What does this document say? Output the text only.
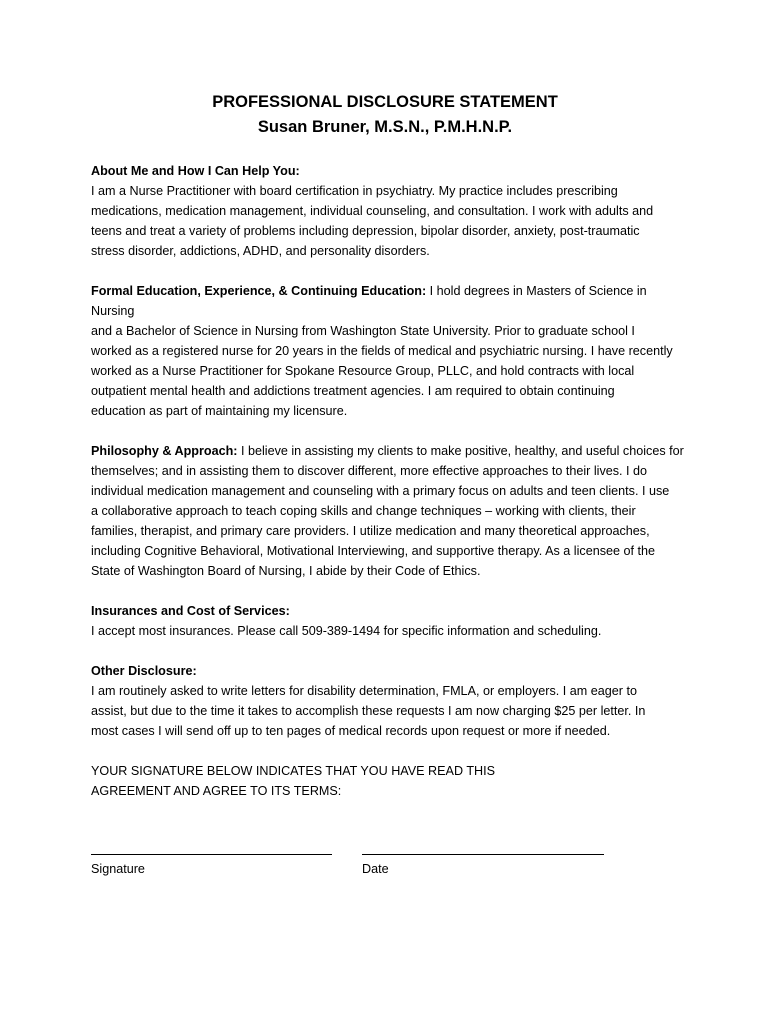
PROFESSIONAL DISCLOSURE STATEMENT
Susan Bruner, M.S.N., P.M.H.N.P.

About Me and How I Can Help You:

I am a Nurse Practitioner with board certification in psychiatry. My practice includes prescribing

medications, medication management, individual counseling, and consultation. I work with adults and

teens and treat a variety of problems including depression, bipolar disorder, anxiety, post-traumatic

stress disorder, addictions, ADHD, and personality disorders.

Formal Education, Experience, & Continuing Education: I hold degrees in Masters of Science in Nursing

and a Bachelor of Science in Nursing from Washington State University. Prior to graduate school I

worked as a registered nurse for 20 years in the fields of medical and psychiatric nursing. I have recently

worked as a Nurse Practitioner for Spokane Resource Group, PLLC, and hold contracts with local

outpatient mental health and addictions treatment agencies. I am required to obtain continuing

education as part of maintaining my licensure.

Philosophy & Approach: I believe in assisting my clients to make positive, healthy, and useful choices for

themselves; and in assisting them to discover different, more effective approaches to their lives. I do

individual medication management and counseling with a primary focus on adults and teen clients. I use

a collaborative approach to teach coping skills and change techniques – working with clients, their

families, therapist, and primary care providers. I utilize medication and many theoretical approaches,

including Cognitive Behavioral, Motivational Interviewing, and supportive therapy. As a licensee of the

State of Washington Board of Nursing, I abide by their Code of Ethics.

Insurances and Cost of Services:

I accept most insurances. Please call 509-389-1494 for specific information and scheduling.

Other Disclosure:

I am routinely asked to write letters for disability determination, FMLA, or employers. I am eager to

assist, but due to the time it takes to accomplish these requests I am now charging $25 per letter. In

most cases I will send off up to ten pages of medical records upon request or more if needed.

YOUR SIGNATURE BELOW INDICATES THAT YOU HAVE READ THIS

AGREEMENT AND AGREE TO ITS TERMS:

Signature	Date
